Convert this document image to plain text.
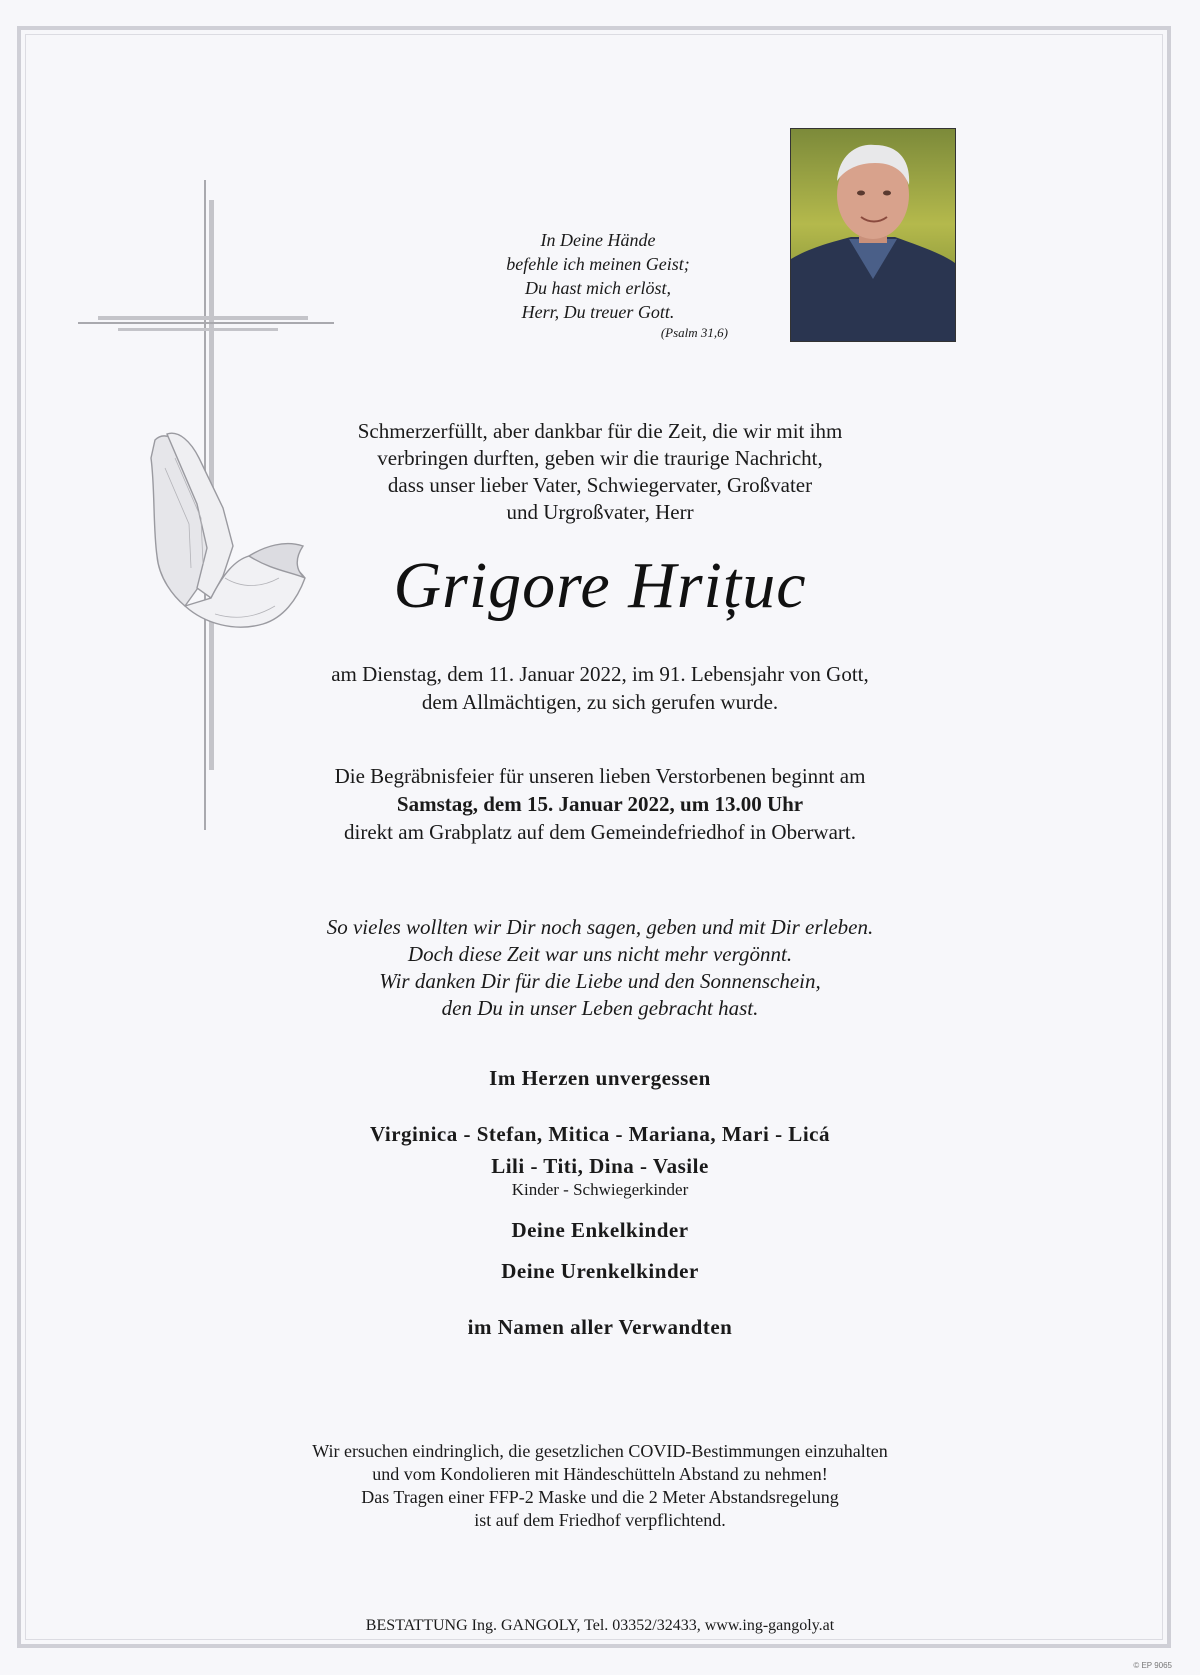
In Deine Hände
befehle ich meinen Geist;
Du hast mich erlöst,
Herr, Du treuer Gott.
(Psalm 31,6)
Schmerzerfüllt, aber dankbar für die Zeit, die wir mit ihm
verbringen durften, geben wir die traurige Nachricht,
dass unser lieber Vater, Schwiegervater, Großvater
und Urgroßvater, Herr
Grigore Hrițuc
am Dienstag, dem 11. Januar 2022, im 91. Lebensjahr von Gott,
dem Allmächtigen, zu sich gerufen wurde.
Die Begräbnisfeier für unseren lieben Verstorbenen beginnt am
Samstag, dem 15. Januar 2022, um 13.00 Uhr
direkt am Grabplatz auf dem Gemeindefriedhof in Oberwart.
So vieles wollten wir Dir noch sagen, geben und mit Dir erleben.
Doch diese Zeit war uns nicht mehr vergönnt.
Wir danken Dir für die Liebe und den Sonnenschein,
den Du in unser Leben gebracht hast.
Im Herzen unvergessen
Virginica - Stefan, Mitica - Mariana, Mari - Licá
Lili - Titi, Dina - Vasile
Kinder - Schwiegerkinder
Deine Enkelkinder
Deine Urenkelkinder
im Namen aller Verwandten
Wir ersuchen eindringlich, die gesetzlichen COVID-Bestimmungen einzuhalten
und vom Kondolieren mit Händeschütteln Abstand zu nehmen!
Das Tragen einer FFP-2 Maske und die 2 Meter Abstandsregelung
ist auf dem Friedhof verpflichtend.
BESTATTUNG Ing. GANGOLY, Tel. 03352/32433, www.ing-gangoly.at
© EP 9065
